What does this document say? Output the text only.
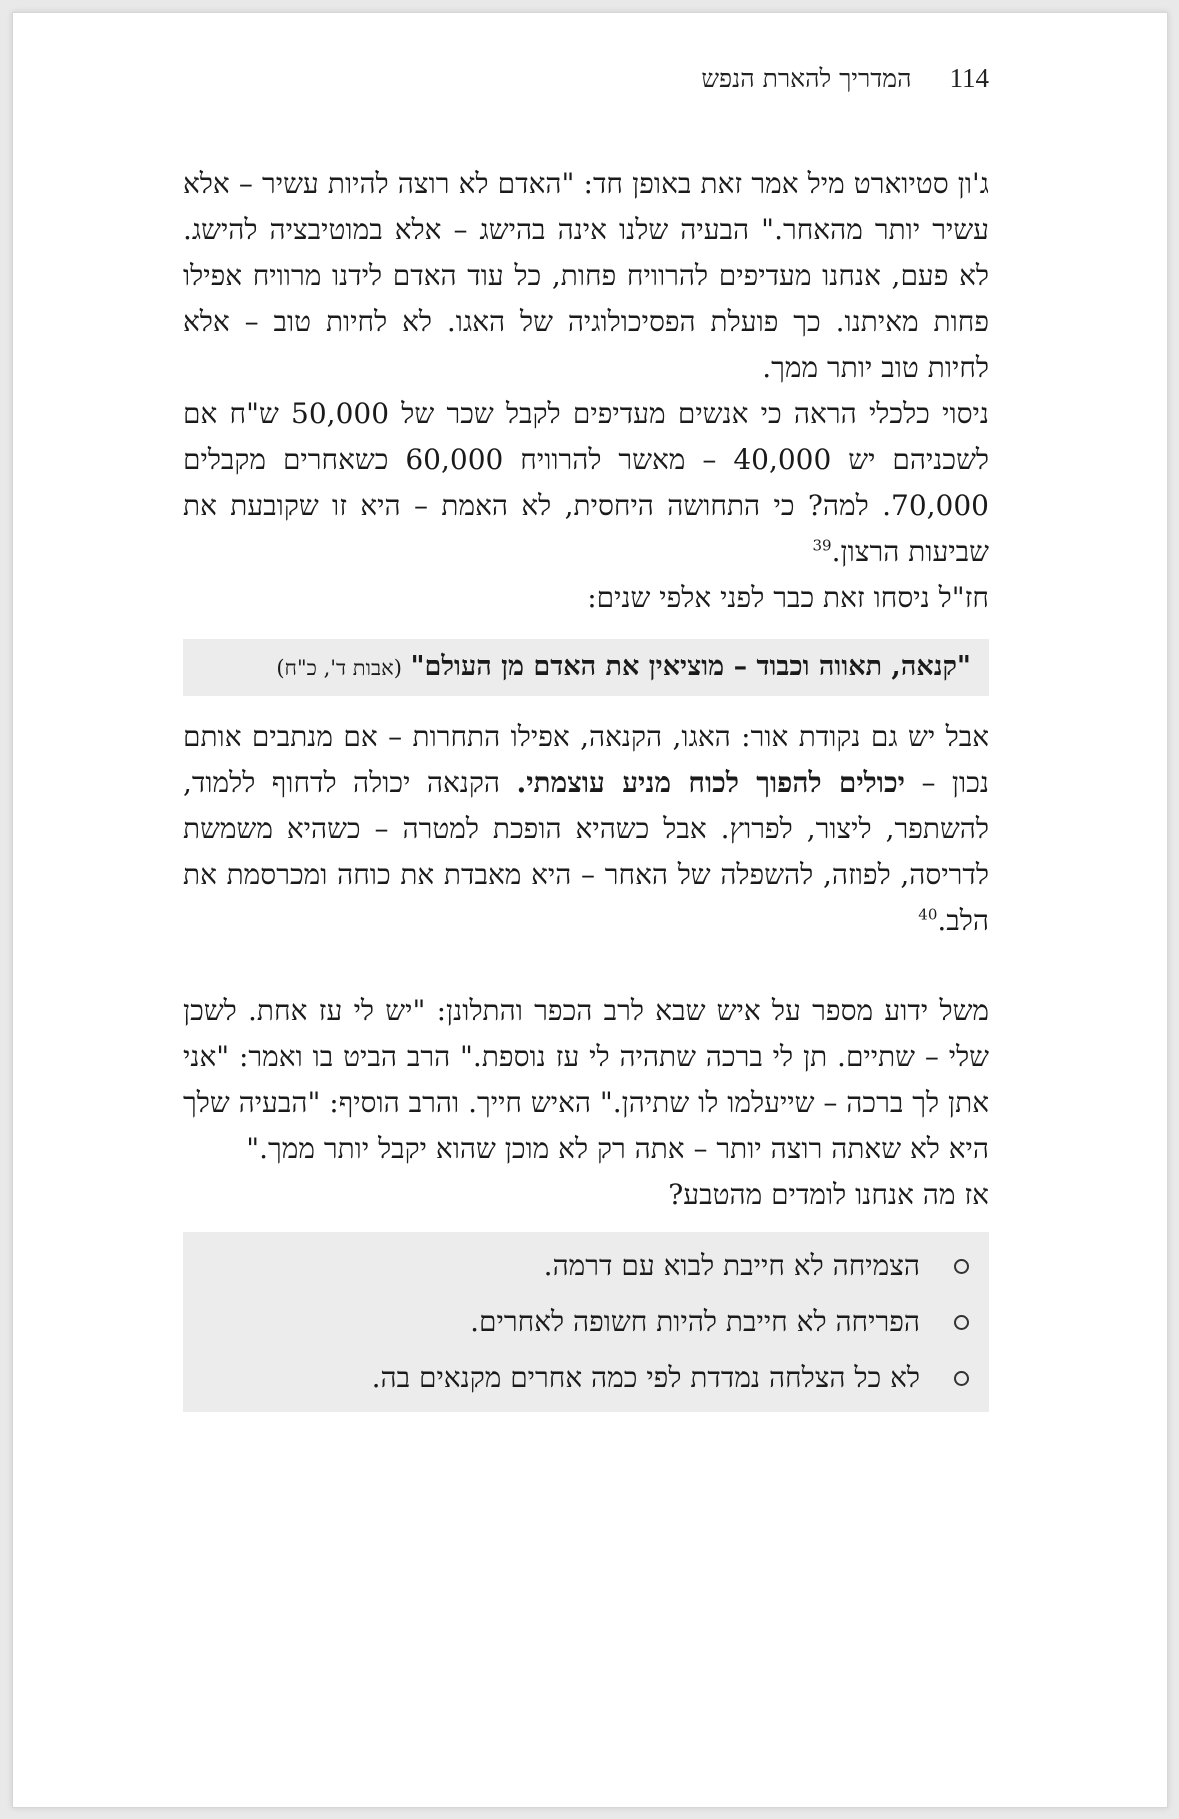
114
המדריך להארת הנפש

ג'ון סטיוארט מיל אמר זאת באופן חד: "האדם לא רוצה להיות עשיר – אלא עשיר יותר מהאחר." הבעיה שלנו אינה בהישג – אלא במוטיבציה להישג. לא פעם, אנחנו מעדיפים להרוויח פחות, כל עוד האדם לידנו מרוויח אפילו פחות מאיתנו. כך פועלת הפסיכולוגיה של האגו. לא לחיות טוב – אלא לחיות טוב יותר ממך.

ניסוי כלכלי הראה כי אנשים מעדיפים לקבל שכר של 50,000 ש"ח אם לשכניהם יש 40,000 – מאשר להרוויח 60,000 כשאחרים מקבלים 70,000. למה? כי התחושה היחסית, לא האמת – היא זו שקובעת את שביעות הרצון.$^{39}$

חז"ל ניסחו זאת כבר לפני אלפי שנים:

"קנאה, תאווה וכבוד – מוציאין את האדם מן העולם" (אבות ד', כ"ח)

אבל יש גם נקודת אור: האגו, הקנאה, אפילו התחרות – אם מנתבים אותם נכון – יכולים להפוך לכוח מניע עוצמתי. הקנאה יכולה לדחוף ללמוד, להשתפר, ליצור, לפרוץ. אבל כשהיא הופכת למטרה – כשהיא משמשת לדריסה, לפוזה, להשפלה של האחר – היא מאבדת את כוחה ומכרסמת את הלב.$^{40}$

משל ידוע מספר על איש שבא לרב הכפר והתלונן: "יש לי עז אחת. לשכן שלי – שתיים. תן לי ברכה שתהיה לי עז נוספת." הרב הביט בו ואמר: "אני אתן לך ברכה – שייעלמו לו שתיהן." האיש חייך. והרב הוסיף: "הבעיה שלך היא לא שאתה רוצה יותר – אתה רק לא מוכן שהוא יקבל יותר ממך."

אז מה אנחנו לומדים מהטבע?

הצמיחה לא חייבת לבוא עם דרמה.
הפריחה לא חייבת להיות חשופה לאחרים.
לא כל הצלחה נמדדת לפי כמה אחרים מקנאים בה.
